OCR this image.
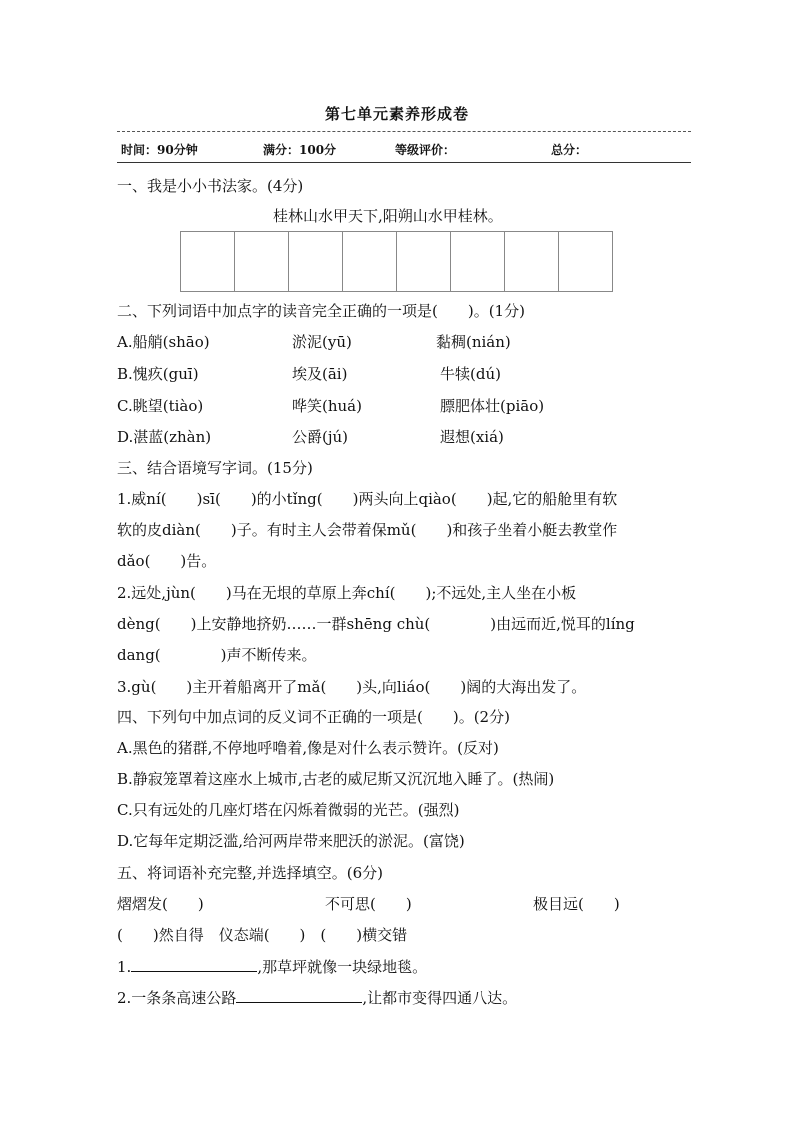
第七单元素养形成卷
时间：90分钟	满分：100分	等级评价：	总分：
一、我是小小书法家。(4分)
桂林山水甲天下,阳朔山水甲桂林。
二、下列词语中加点字的读音完全正确的一项是(　　)。(1分)
A.船艄(shāo)	淤泥(yū)	黏稠(nián)
B.愧疚(guī)	埃及(āi)	牛犊(dú)
C.眺望(tiào)	哗笑(huá)	膘肥体壮(piāo)
D.湛蓝(zhàn)	公爵(jú)	遐想(xiá)
三、结合语境写字词。(15分)
1.威ní(　　)sī(　　)的小tǐng(　　)两头向上qiào(　　)起,它的船舱里有软
软的皮diàn(　　)子。有时主人会带着保mǔ(　　)和孩子坐着小艇去教堂作
dǎo(　　)告。
2.远处,jùn(　　)马在无垠的草原上奔chí(　　);不远处,主人坐在小板
dèng(　　)上安静地挤奶……一群shēng chù(　　　　)由远而近,悦耳的líng
dang(　　　　)声不断传来。
3.gù(　　)主开着船离开了mǎ(　　)头,向liáo(　　)阔的大海出发了。
四、下列句中加点词的反义词不正确的一项是(　　)。(2分)
A.黑色的猪群,不停地呼噜着,像是对什么表示赞许。(反对)
B.静寂笼罩着这座水上城市,古老的威尼斯又沉沉地入睡了。(热闹)
C.只有远处的几座灯塔在闪烁着微弱的光芒。(强烈)
D.它每年定期泛滥,给河两岸带来肥沃的淤泥。(富饶)
五、将词语补充完整,并选择填空。(6分)
熠熠发(　　)	不可思(　　)	极目远(　　)
(　　)然自得　仪态端(　　)　(　　)横交错
1.	,那草坪就像一块绿地毯。
2.一条条高速公路	,让都市变得四通八达。
